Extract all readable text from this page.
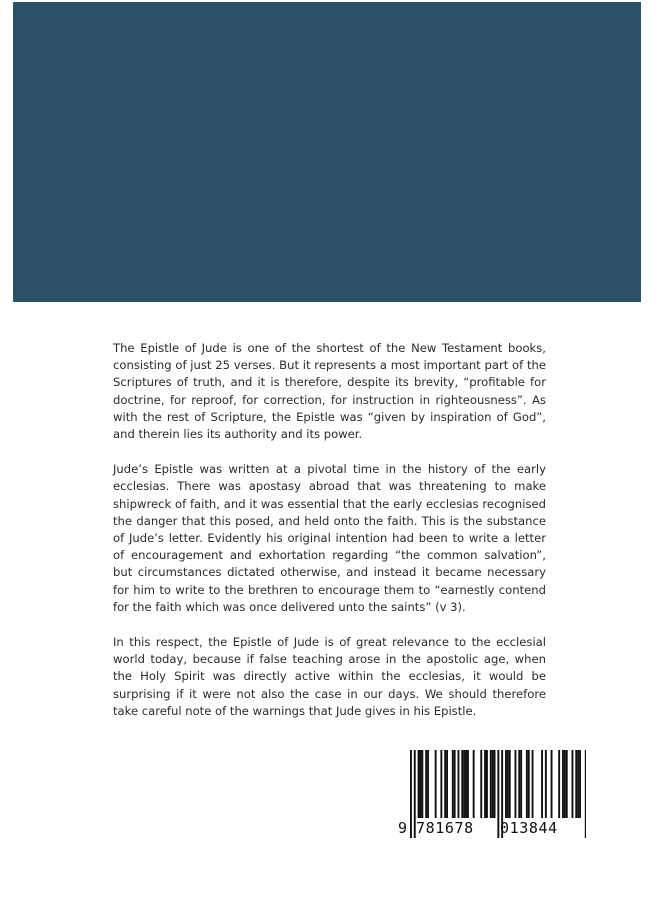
The Epistle of Jude is one of the shortest of the New Testament books, consisting of just 25 verses. But it represents a most important part of the Scriptures of truth, and it is therefore, despite its brevity, “profitable for doctrine, for reproof, for correction, for instruction in righteousness”. As with the rest of Scripture, the Epistle was “given by inspiration of God”, and therein lies its authority and its power.

Jude’s Epistle was written at a pivotal time in the history of the early ecclesias. There was apostasy abroad that was threatening to make shipwreck of faith, and it was essential that the early ecclesias recognised the danger that this posed, and held onto the faith. This is the substance of Jude’s letter. Evidently his original intention had been to write a letter of encouragement and exhortation regarding “the common salvation”, but circumstances dictated otherwise, and instead it became necessary for him to write to the brethren to encourage them to “earnestly contend for the faith which was once delivered unto the saints” (v 3).

In this respect, the Epistle of Jude is of great relevance to the ecclesial world today, because if false teaching arose in the apostolic age, when the Holy Spirit was directly active within the ecclesias, it would be surprising if it were not also the case in our days. We should therefore take careful note of the warnings that Jude gives in his Epistle.

9 781678 013844
